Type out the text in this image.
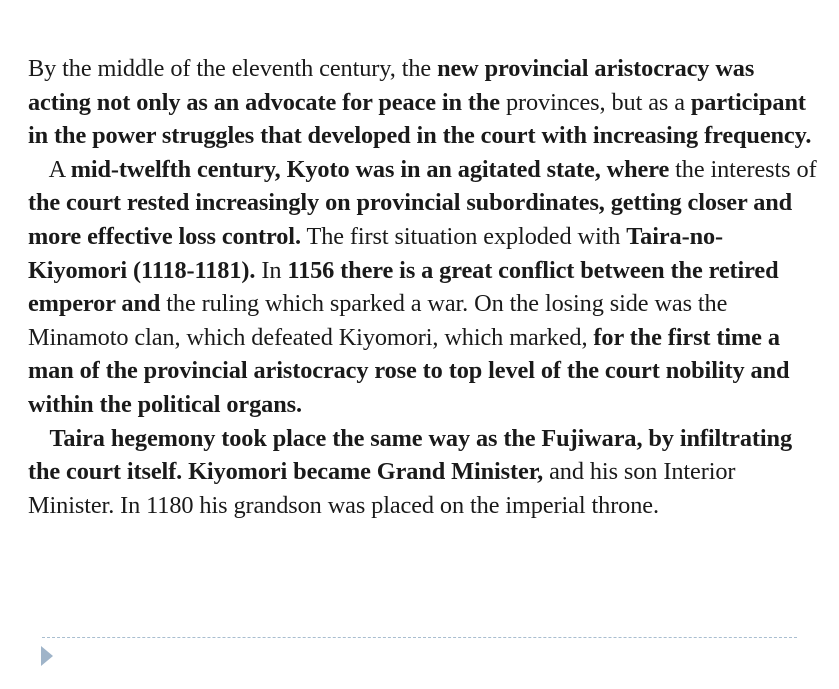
By the middle of the eleventh century, the new provincial aristocracy was acting not only as an advocate for peace in the provinces, but as a participant in the power struggles that developed in the court with increasing frequency.

A mid-twelfth century, Kyoto was in an agitated state, where the interests of the court rested increasingly on provincial subordinates, getting closer and more effective loss control. The first situation exploded with Taira-no-Kiyomori (1118-1181). In 1156 there is a great conflict between the retired emperor and the ruling which sparked a war. On the losing side was the Minamoto clan, which defeated Kiyomori, which marked, for the first time a man of the provincial aristocracy rose to top level of the court nobility and within the political organs.

Taira hegemony took place the same way as the Fujiwara, by infiltrating the court itself. Kiyomori became Grand Minister, and his son Interior Minister. In 1180 his grandson was placed on the imperial throne.
